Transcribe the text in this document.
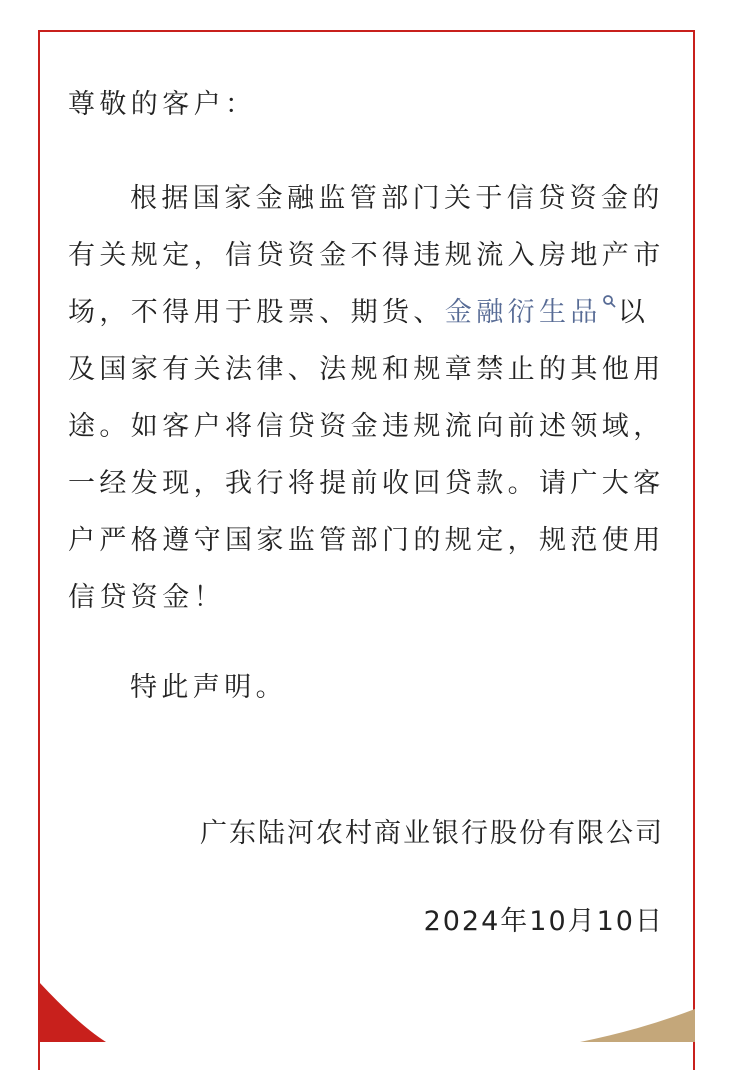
尊敬的客户：
根据国家金融监管部门关于信贷资金的
有关规定，信贷资金不得违规流入房地产市
场，不得用于股票、期货、金融衍生品 以
及国家有关法律、法规和规章禁止的其他用
途。如客户将信贷资金违规流向前述领域，
一经发现，我行将提前收回贷款。请广大客
户严格遵守国家监管部门的规定，规范使用
信贷资金！
特此声明。
广东陆河农村商业银行股份有限公司
2024年10月10日
